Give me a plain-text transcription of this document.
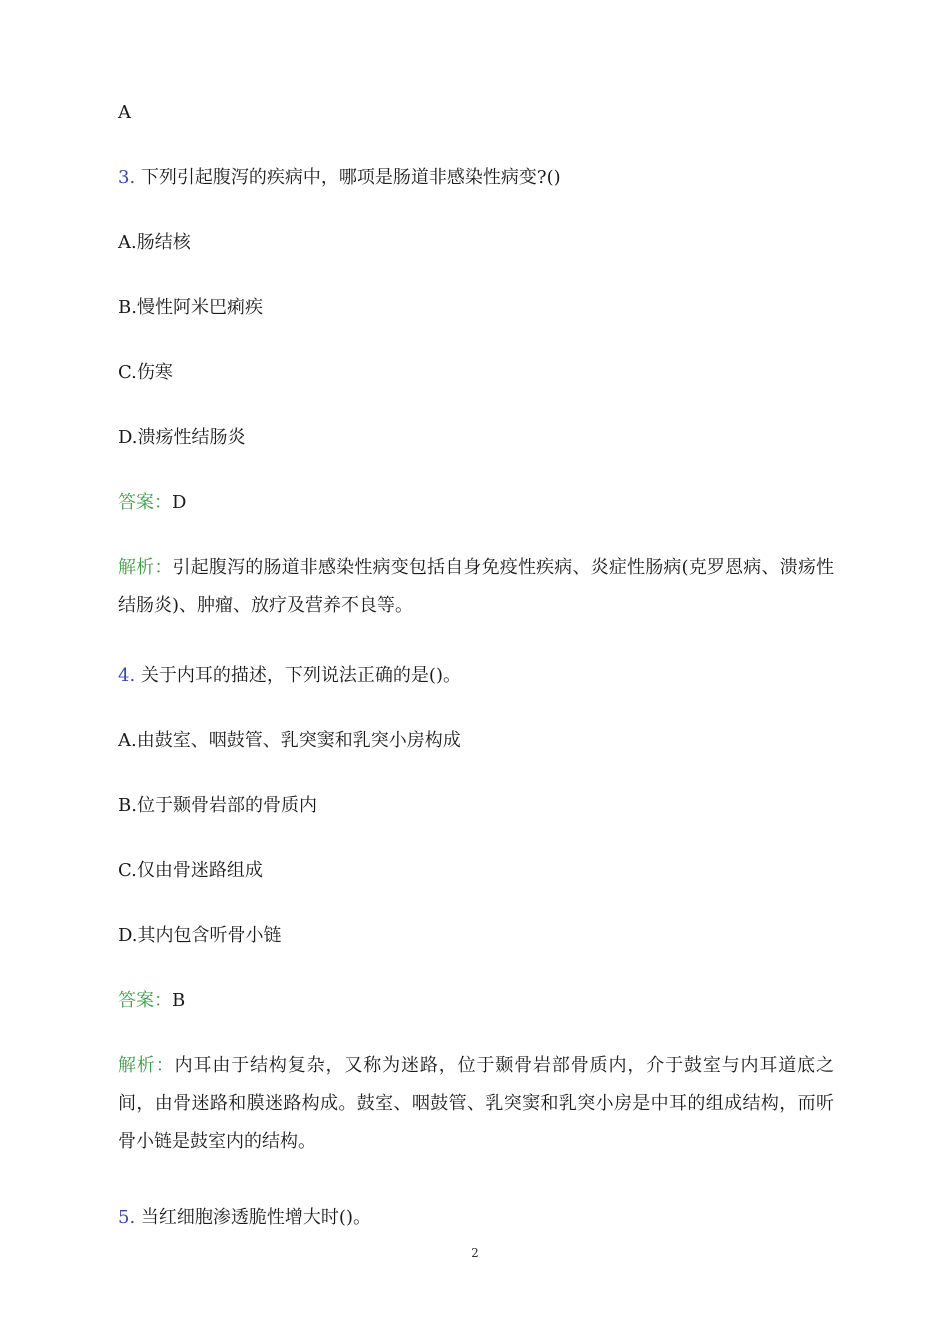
A
3. 下列引起腹泻的疾病中，哪项是肠道非感染性病变?()
A.肠结核
B.慢性阿米巴痢疾
C.伤寒
D.溃疡性结肠炎
答案：D
解析：引起腹泻的肠道非感染性病变包括自身免疫性疾病、炎症性肠病(克罗恩病、溃疡性结肠炎)、肿瘤、放疗及营养不良等。
4. 关于内耳的描述，下列说法正确的是()。
A.由鼓室、咽鼓管、乳突窦和乳突小房构成
B.位于颞骨岩部的骨质内
C.仅由骨迷路组成
D.其内包含听骨小链
答案：B
解析：内耳由于结构复杂，又称为迷路，位于颞骨岩部骨质内，介于鼓室与内耳道底之间，由骨迷路和膜迷路构成。鼓室、咽鼓管、乳突窦和乳突小房是中耳的组成结构，而听骨小链是鼓室内的结构。
5. 当红细胞渗透脆性增大时()。
2
